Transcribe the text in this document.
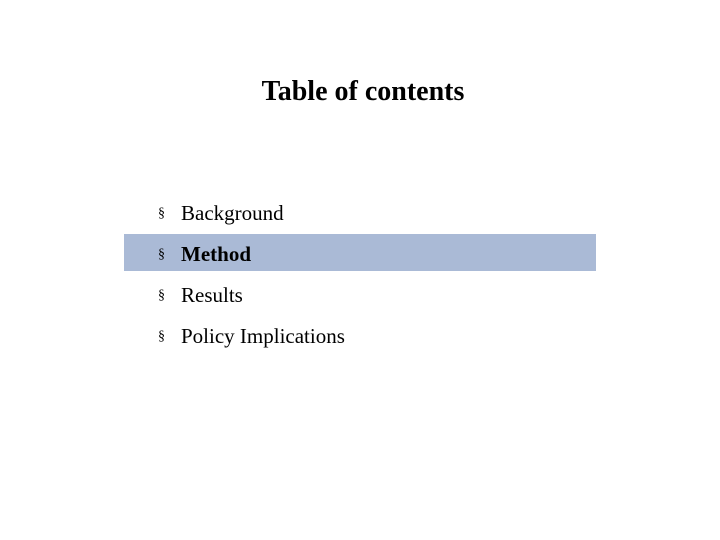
Table of contents
§ Background
§ Method
§ Results
§ Policy Implications
